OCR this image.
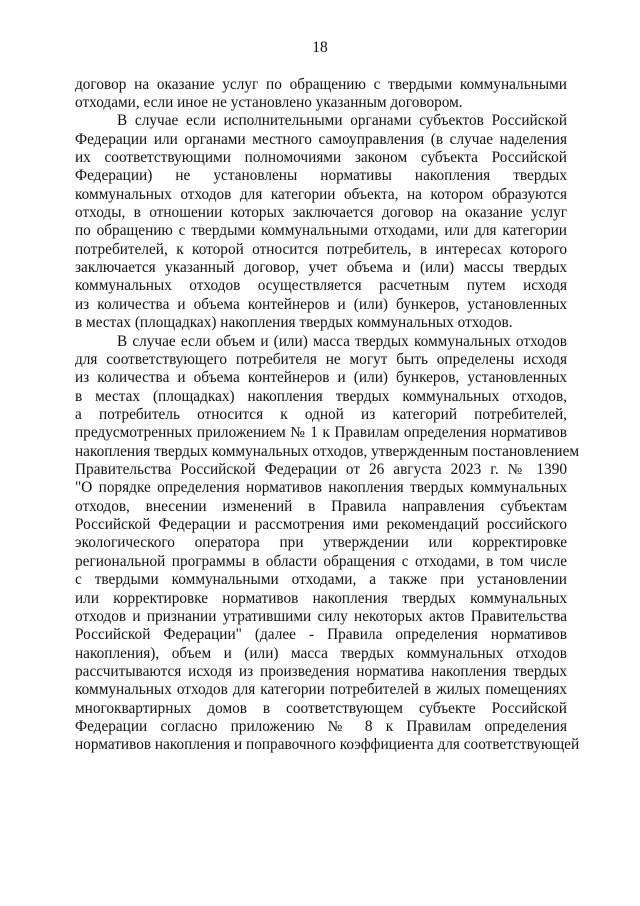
18
договор на оказание услуг по обращению с твердыми коммунальными
отходами, если иное не установлено указанным договором.
В случае если исполнительными органами субъектов Российской
Федерации или органами местного самоуправления (в случае наделения
их соответствующими полномочиями законом субъекта Российской
Федерации) не установлены нормативы накопления твердых
коммунальных отходов для категории объекта, на котором образуются
отходы, в отношении которых заключается договор на оказание услуг
по обращению с твердыми коммунальными отходами, или для категории
потребителей, к которой относится потребитель, в интересах которого
заключается указанный договор, учет объема и (или) массы твердых
коммунальных отходов осуществляется расчетным путем исходя
из количества и объема контейнеров и (или) бункеров, установленных
в местах (площадках) накопления твердых коммунальных отходов.
В случае если объем и (или) масса твердых коммунальных отходов
для соответствующего потребителя не могут быть определены исходя
из количества и объема контейнеров и (или) бункеров, установленных
в местах (площадках) накопления твердых коммунальных отходов,
а потребитель относится к одной из категорий потребителей,
предусмотренных приложением № 1 к Правилам определения нормативов
накопления твердых коммунальных отходов, утвержденным постановлением
Правительства Российской Федерации от 26 августа 2023 г. № 1390
"О порядке определения нормативов накопления твердых коммунальных
отходов, внесении изменений в Правила направления субъектам
Российской Федерации и рассмотрения ими рекомендаций российского
экологического оператора при утверждении или корректировке
региональной программы в области обращения с отходами, в том числе
с твердыми коммунальными отходами, а также при установлении
или корректировке нормативов накопления твердых коммунальных
отходов и признании утратившими силу некоторых актов Правительства
Российской Федерации" (далее - Правила определения нормативов
накопления), объем и (или) масса твердых коммунальных отходов
рассчитываются исходя из произведения норматива накопления твердых
коммунальных отходов для категории потребителей в жилых помещениях
многоквартирных домов в соответствующем субъекте Российской
Федерации согласно приложению № 8 к Правилам определения
нормативов накопления и поправочного коэффициента для соответствующей
